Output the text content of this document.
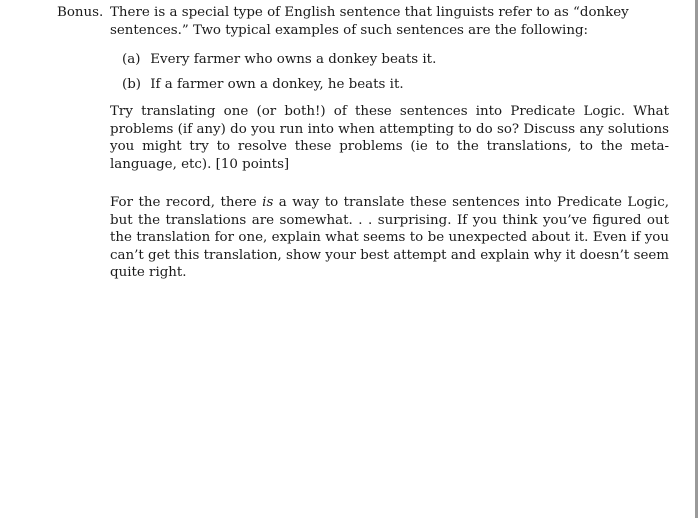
Bonus. There is a special type of English sentence that linguists refer to as “donkey sentences.” Two typical examples of such sentences are the following:

(a) Every farmer who owns a donkey beats it.
(b) If a farmer own a donkey, he beats it.

Try translating one (or both!) of these sentences into Predicate Logic. What problems (if any) do you run into when attempting to do so? Discuss any solutions you might try to resolve these problems (ie to the translations, to the meta-language, etc). [10 points]

For the record, there is a way to translate these sentences into Predicate Logic, but the translations are somewhat. . . surprising. If you think you’ve figured out the translation for one, explain what seems to be unexpected about it. Even if you can’t get this translation, show your best attempt and explain why it doesn’t seem quite right.
